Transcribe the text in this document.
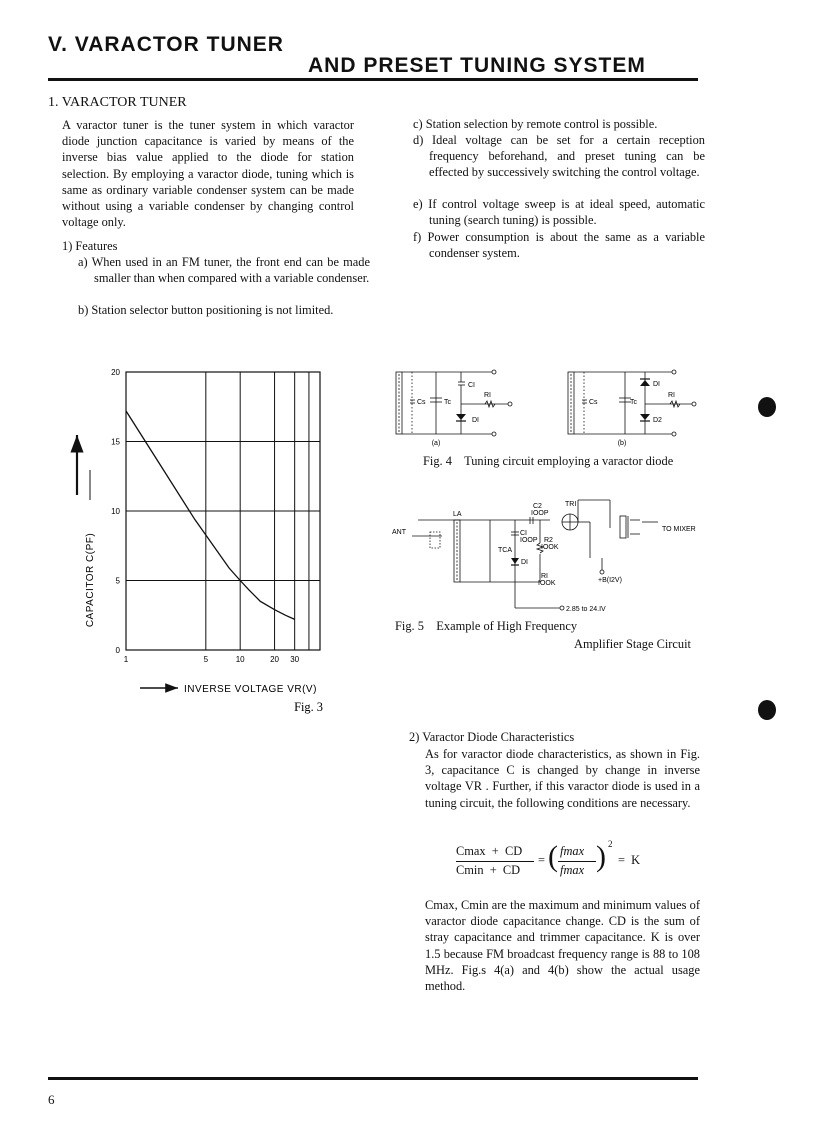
V. VARACTOR TUNER
AND PRESET TUNING SYSTEM
1. VARACTOR TUNER
A varactor tuner is the tuner system in which varactor diode junction capacitance is varied by means of the inverse bias value applied to the diode for station selection. By employing a varactor diode, tuning which is same as ordinary variable condenser system can be made without using a variable condenser by changing control voltage only.
1) Features
a) When used in an FM tuner, the front end can be made smaller than when compared with a variable condenser.
b) Station selector button positioning is not limited.
c) Station selection by remote control is possible.
d) Ideal voltage can be set for a certain reception frequency beforehand, and preset tuning can be effected by successively switching the control voltage.
e) If control voltage sweep is at ideal speed, automatic tuning (search tuning) is possible.
f) Power consumption is about the same as a variable condenser system.
1	5	10	20 30
0
5
10
15
20
CAPACITOR C(PF)
INVERSE VOLTAGE VR(V)
Fig. 3
CI
RI
DI
Cs	Tc
(a)
DI
RI
D2
Cs	Tc
(b)
Fig. 4    Tuning circuit employing a varactor diode
ANT
LA
C2
IOOP
TRI
CI
IOOP R2
IOOK
TCA
DI
RI
IOOK
TO MIXER
+B(I2V)
2.85 to 24.IV
Fig. 5    Example of High Frequency
Amplifier Stage Circuit
2) Varactor Diode Characteristics
As for varactor diode characteristics, as shown in Fig. 3, capacitance C is changed by change in inverse voltage VR . Further, if this varactor diode is used in a tuning circuit, the following conditions are necessary.
Cmax  +  CD
Cmin  +  CD
= ( fmax
fmax ) 2
=  K
Cmax, Cmin are the maximum and minimum values of varactor diode capacitance change. CD is the sum of stray capacitance and trimmer capacitance. K is over 1.5 because FM broadcast frequency range is 88 to 108 MHz. Fig.s 4(a) and 4(b) show the actual usage method.
6
